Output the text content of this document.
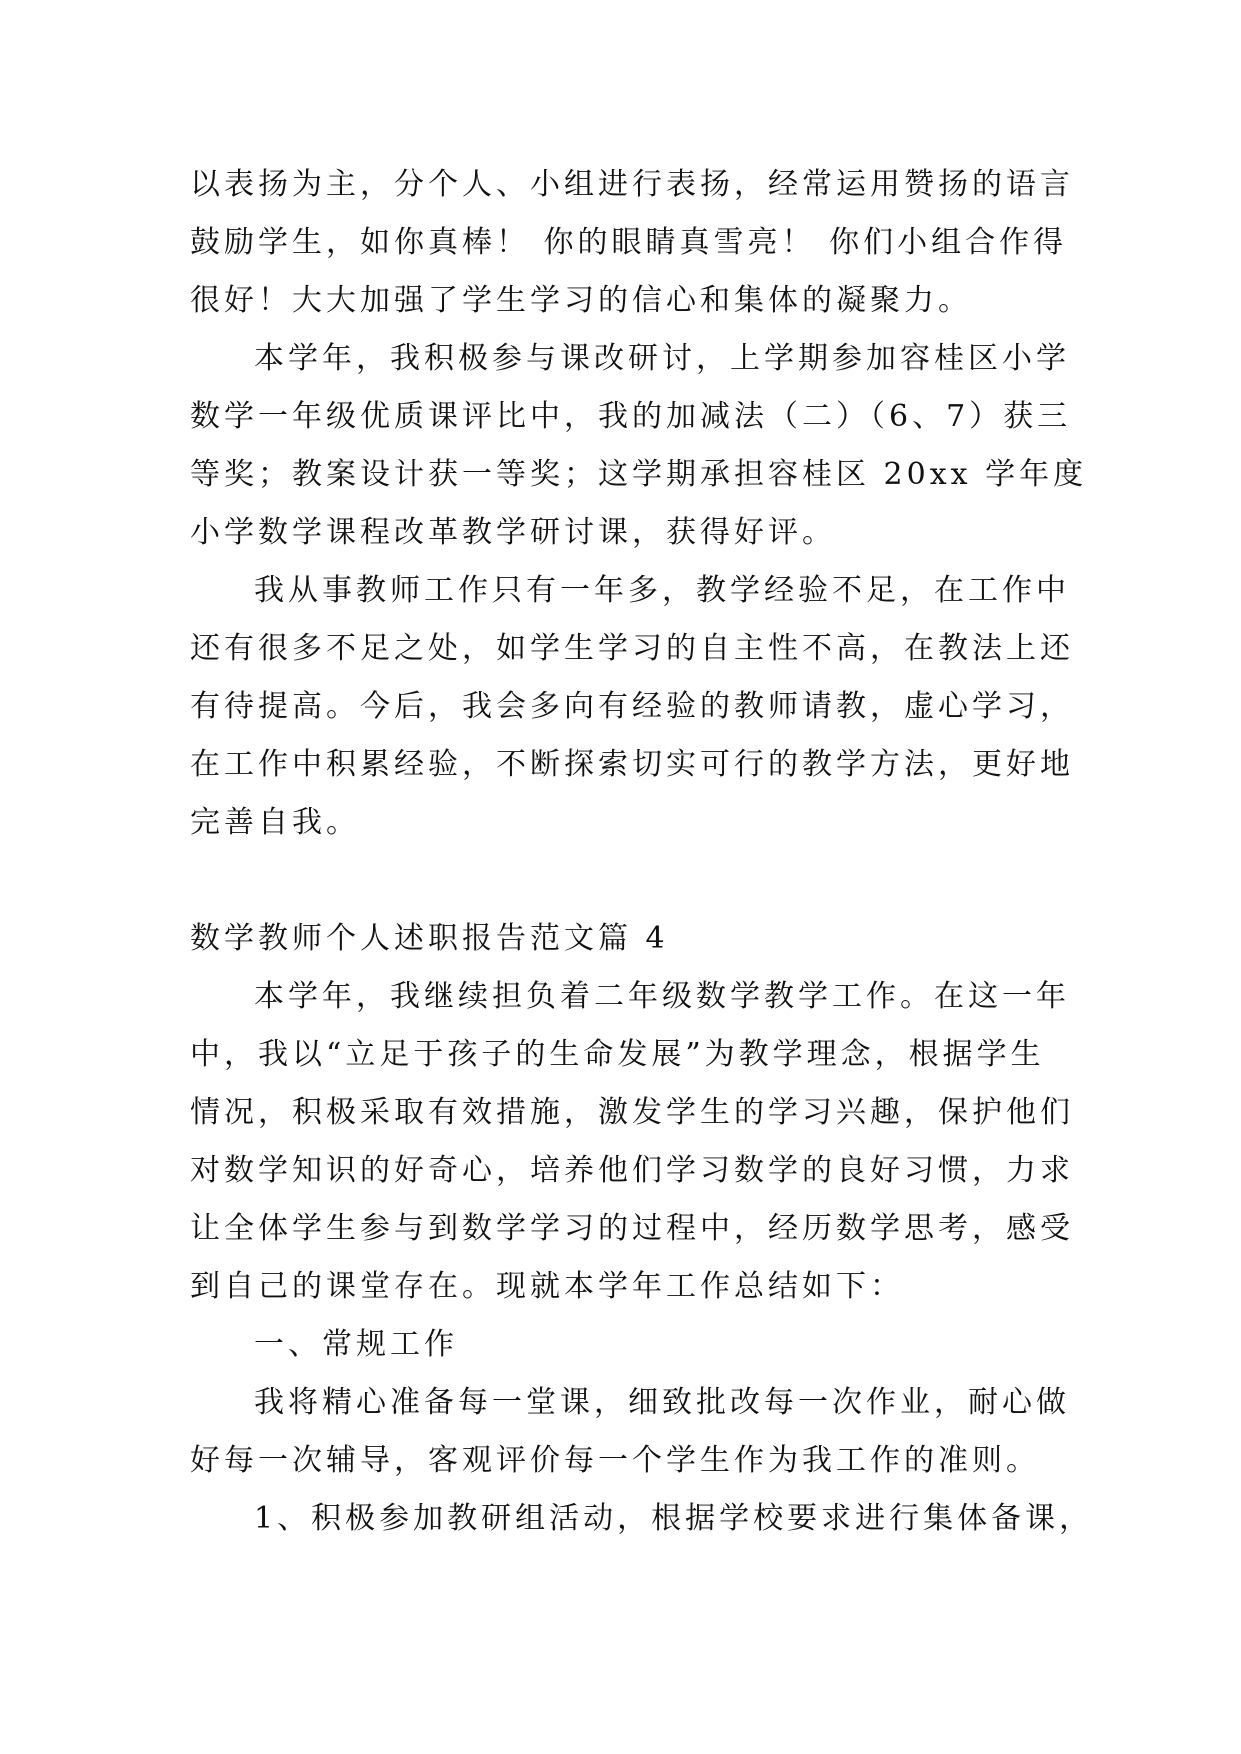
以表扬为主，分个人、小组进行表扬，经常运用赞扬的语言
鼓励学生，如你真棒！ 你的眼睛真雪亮！ 你们小组合作得
很好！大大加强了学生学习的信心和集体的凝聚力。
本学年，我积极参与课改研讨，上学期参加容桂区小学
数学一年级优质课评比中，我的加减法（二）（6、7）获三
等奖；教案设计获一等奖；这学期承担容桂区 20xx 学年度
小学数学课程改革教学研讨课，获得好评。
我从事教师工作只有一年多，教学经验不足，在工作中
还有很多不足之处，如学生学习的自主性不高，在教法上还
有待提高。今后，我会多向有经验的教师请教，虚心学习，
在工作中积累经验，不断探索切实可行的教学方法，更好地
完善自我。
数学教师个人述职报告范文篇 4
本学年，我继续担负着二年级数学教学工作。在这一年
中，我以“立足于孩子的生命发展”为教学理念，根据学生
情况，积极采取有效措施，激发学生的学习兴趣，保护他们
对数学知识的好奇心，培养他们学习数学的良好习惯，力求
让全体学生参与到数学学习的过程中，经历数学思考，感受
到自己的课堂存在。现就本学年工作总结如下：
一、常规工作
我将精心准备每一堂课，细致批改每一次作业，耐心做
好每一次辅导，客观评价每一个学生作为我工作的准则。
1、积极参加教研组活动，根据学校要求进行集体备课，
